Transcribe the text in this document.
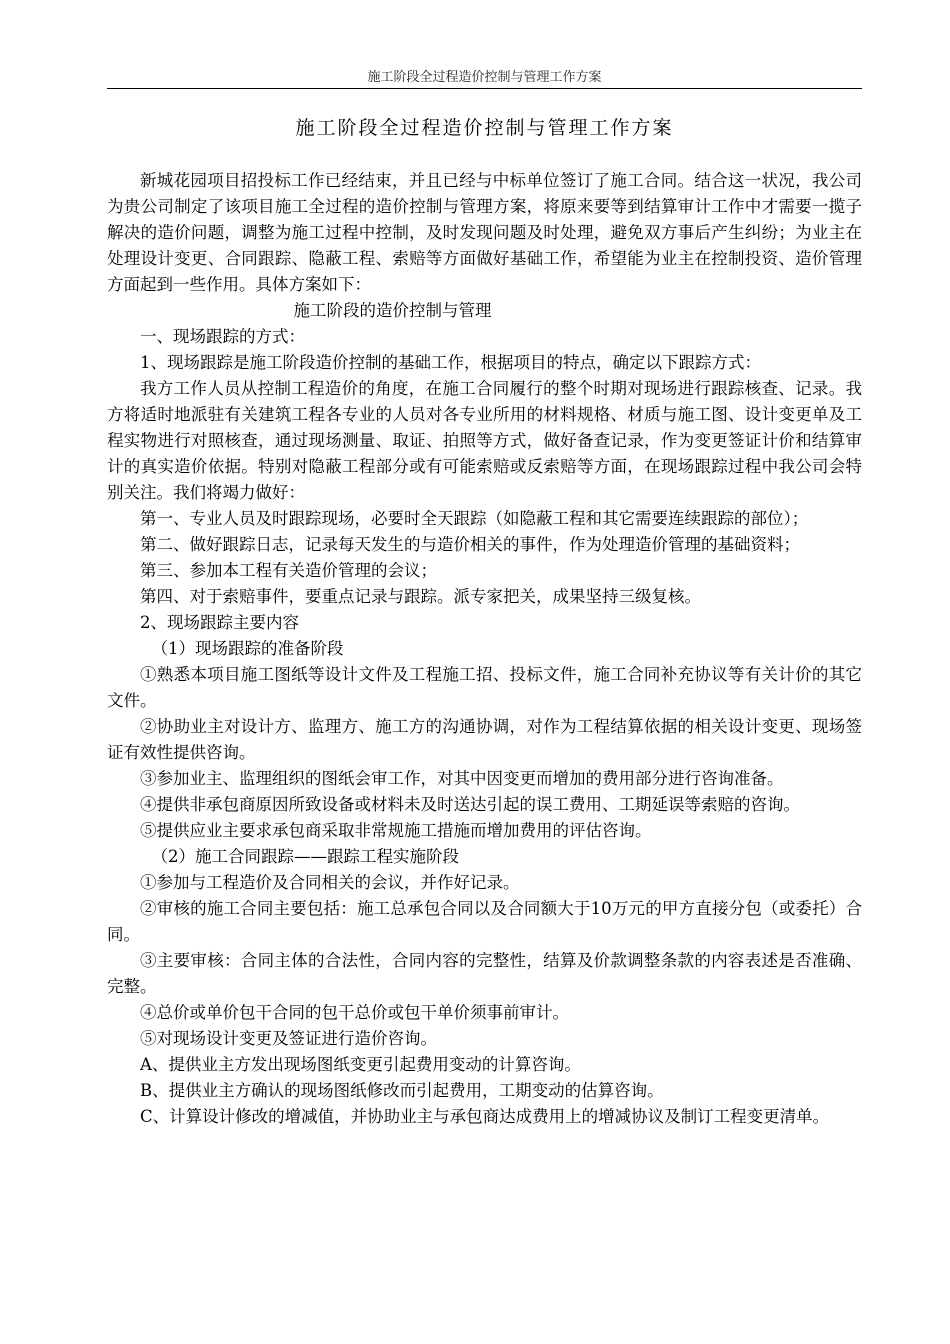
施工阶段全过程造价控制与管理工作方案
施工阶段全过程造价控制与管理工作方案

新城花园项目招投标工作已经结束，并且已经与中标单位签订了施工合同。结合这一状况，我公司为贵公司制定了该项目施工全过程的造价控制与管理方案，将原来要等到结算审计工作中才需要一揽子解决的造价问题，调整为施工过程中控制，及时发现问题及时处理，避免双方事后产生纠纷；为业主在处理设计变更、合同跟踪、隐蔽工程、索赔等方面做好基础工作，希望能为业主在控制投资、造价管理方面起到一些作用。具体方案如下：

施工阶段的造价控制与管理

一、现场跟踪的方式：

1、现场跟踪是施工阶段造价控制的基础工作，根据项目的特点，确定以下跟踪方式：

我方工作人员从控制工程造价的角度，在施工合同履行的整个时期对现场进行跟踪核查、记录。我方将适时地派驻有关建筑工程各专业的人员对各专业所用的材料规格、材质与施工图、设计变更单及工程实物进行对照核查，通过现场测量、取证、拍照等方式，做好备查记录，作为变更签证计价和结算审计的真实造价依据。特别对隐蔽工程部分或有可能索赔或反索赔等方面，在现场跟踪过程中我公司会特别关注。我们将竭力做好：

第一、专业人员及时跟踪现场，必要时全天跟踪（如隐蔽工程和其它需要连续跟踪的部位）；

第二、做好跟踪日志，记录每天发生的与造价相关的事件，作为处理造价管理的基础资料；

第三、参加本工程有关造价管理的会议；

第四、对于索赔事件，要重点记录与跟踪。派专家把关，成果坚持三级复核。

2、现场跟踪主要内容

（1）现场跟踪的准备阶段

①熟悉本项目施工图纸等设计文件及工程施工招、投标文件，施工合同补充协议等有关计价的其它文件。

②协助业主对设计方、监理方、施工方的沟通协调，对作为工程结算依据的相关设计变更、现场签证有效性提供咨询。

③参加业主、监理组织的图纸会审工作，对其中因变更而增加的费用部分进行咨询准备。

④提供非承包商原因所致设备或材料未及时送达引起的误工费用、工期延误等索赔的咨询。

⑤提供应业主要求承包商采取非常规施工措施而增加费用的评估咨询。

（2）施工合同跟踪——跟踪工程实施阶段

①参加与工程造价及合同相关的会议，并作好记录。

②审核的施工合同主要包括：施工总承包合同以及合同额大于10万元的甲方直接分包（或委托）合同。

③主要审核：合同主体的合法性，合同内容的完整性，结算及价款调整条款的内容表述是否准确、完整。

④总价或单价包干合同的包干总价或包干单价须事前审计。

⑤对现场设计变更及签证进行造价咨询。

A、提供业主方发出现场图纸变更引起费用变动的计算咨询。

B、提供业主方确认的现场图纸修改而引起费用，工期变动的估算咨询。

C、计算设计修改的增减值，并协助业主与承包商达成费用上的增减协议及制订工程变更清单。
